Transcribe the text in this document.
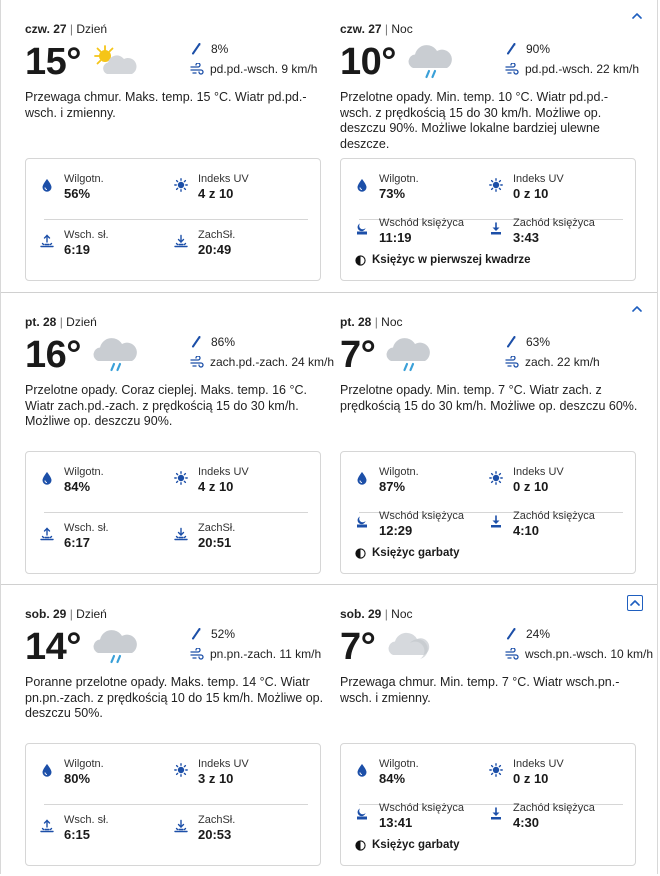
czw. 27 | Dzień
15°	8%
pd.pd.-wsch. 9 km/h
Przewaga chmur. Maks. temp. 15 °C. Wiatr pd.pd.-wsch. i zmienny.
Wilgotn.
56%
Indeks UV
4 z 10
Wsch. sł.
6:19
ZachSł.
20:49
czw. 27 | Noc
10°	90%
pd.pd.-wsch. 22 km/h
Przelotne opady. Min. temp. 10 °C. Wiatr pd.pd.-wsch. z prędkością 15 do 30 km/h. Możliwe op. deszczu 90%. Możliwe lokalne bardziej ulewne deszcze.
Wilgotn.
73%
Indeks UV
0 z 10
Wschód księżyca
11:19
Zachód księżyca
3:43
Księżyc w pierwszej kwadrze
pt. 28 | Dzień
16°	86%
zach.pd.-zach. 24 km/h
Przelotne opady. Coraz cieplej. Maks. temp. 16 °C. Wiatr zach.pd.-zach. z prędkością 15 do 30 km/h. Możliwe op. deszczu 90%.
Wilgotn.
84%
Indeks UV
4 z 10
Wsch. sł.
6:17
ZachSł.
20:51
pt. 28 | Noc
7°	63%
zach. 22 km/h
Przelotne opady. Min. temp. 7 °C. Wiatr zach. z prędkością 15 do 30 km/h. Możliwe op. deszczu 60%.
Wilgotn.
87%
Indeks UV
0 z 10
Wschód księżyca
12:29
Zachód księżyca
4:10
Księżyc garbaty
sob. 29 | Dzień
14°	52%
pn.pn.-zach. 11 km/h
Poranne przelotne opady. Maks. temp. 14 °C. Wiatr pn.pn.-zach. z prędkością 10 do 15 km/h. Możliwe op. deszczu 50%.
Wilgotn.
80%
Indeks UV
3 z 10
Wsch. sł.
6:15
ZachSł.
20:53
sob. 29 | Noc
7°	24%
wsch.pn.-wsch. 10 km/h
Przewaga chmur. Min. temp. 7 °C. Wiatr wsch.pn.-wsch. i zmienny.
Wilgotn.
84%
Indeks UV
0 z 10
Wschód księżyca
13:41
Zachód księżyca
4:30
Księżyc garbaty
